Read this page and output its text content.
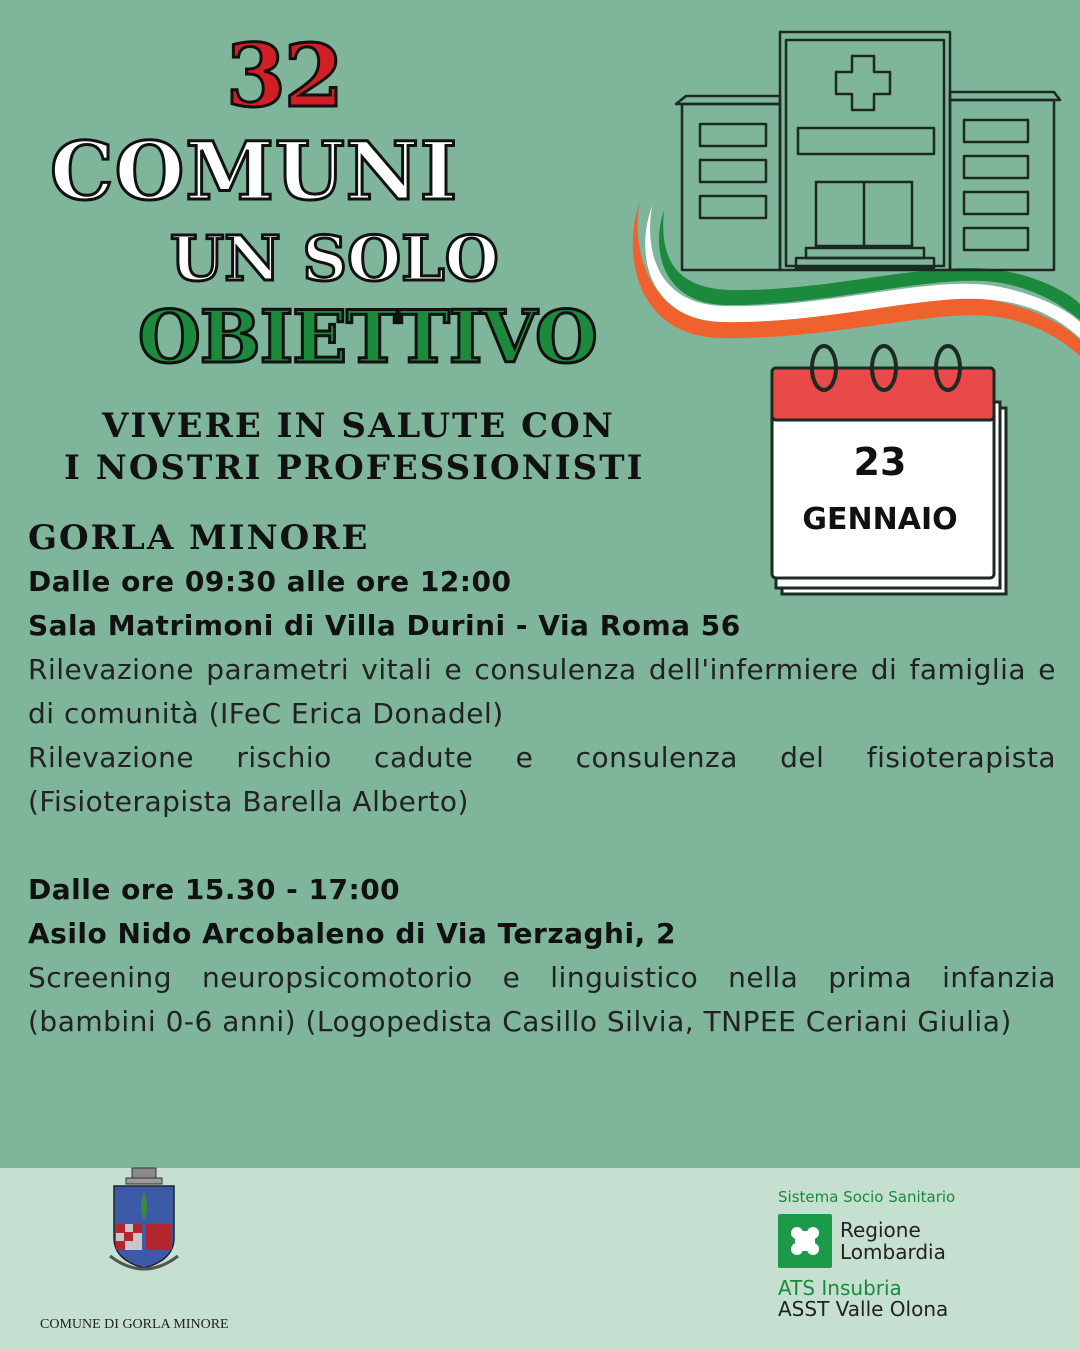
32
COMUNI
UN SOLO
OBIETTIVO
23
GENNAIO
VIVERE IN SALUTE CON
I NOSTRI PROFESSIONISTI
GORLA MINORE
Dalle ore 09:30 alle ore 12:00
Sala Matrimoni di Villa Durini - Via Roma 56
Rilevazione parametri vitali e consulenza dell'infermiere di famiglia e di comunità (IFeC Erica Donadel)
Rilevazione rischio cadute e consulenza del fisioterapista (Fisioterapista Barella Alberto)
Dalle ore 15.30 - 17:00
Asilo Nido Arcobaleno di Via Terzaghi, 2
Screening neuropsicomotorio e linguistico nella prima infanzia (bambini 0-6 anni) (Logopedista Casillo Silvia, TNPEE Ceriani Giulia)
COMUNE DI GORLA MINORE
Sistema Socio Sanitario
Regione
Lombardia
ATS Insubria
ASST Valle Olona
